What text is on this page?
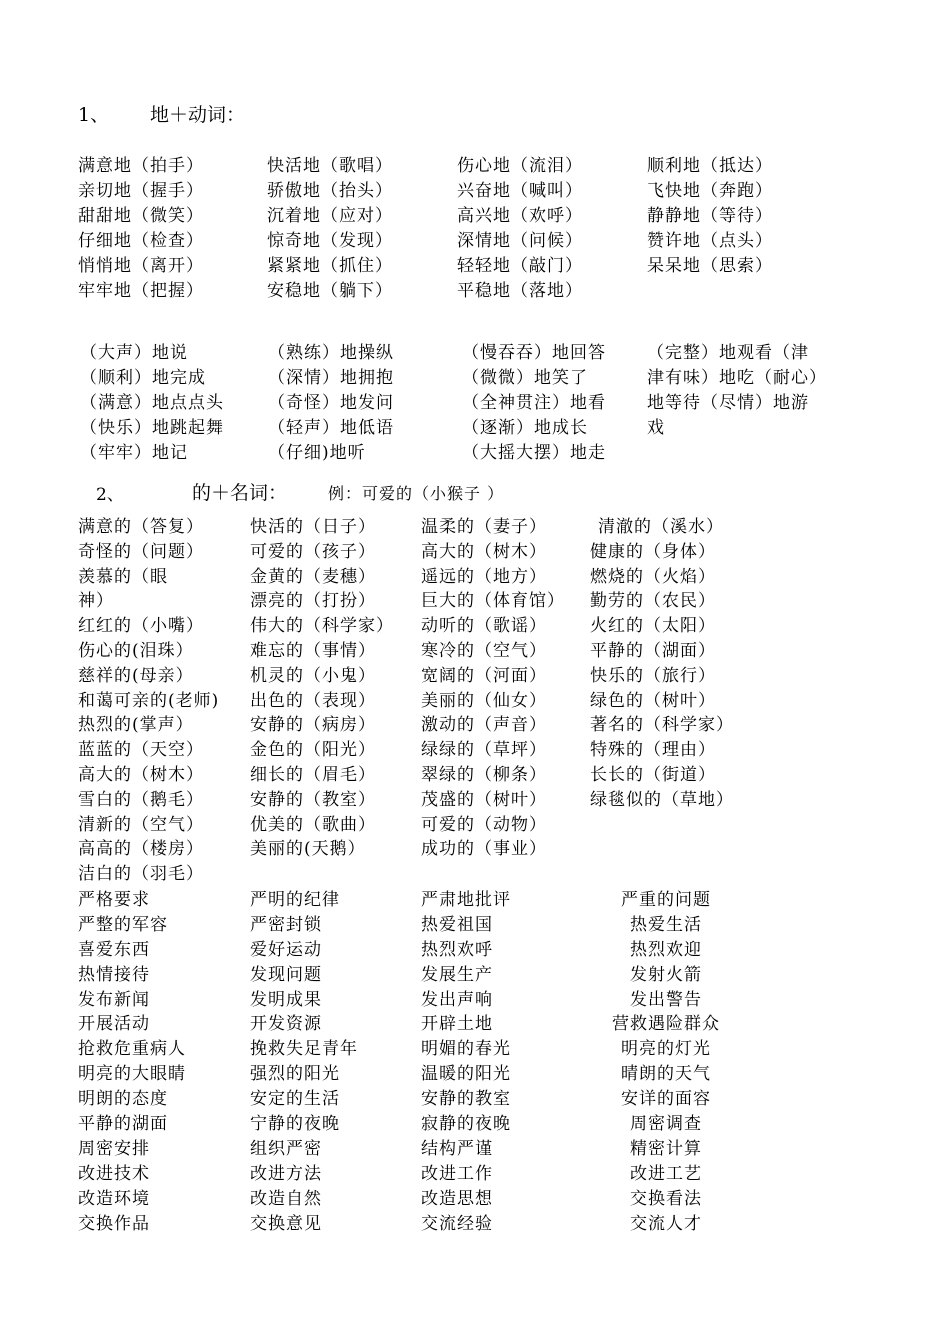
1、 地＋动词：
满意地（拍手）
亲切地（握手）
甜甜地（微笑）
仔细地（检查）
悄悄地（离开）
牢牢地（把握）
快活地（歌唱）
骄傲地（抬头）
沉着地（应对）
惊奇地（发现）
紧紧地（抓住）
安稳地（躺下）
伤心地（流泪）
兴奋地（喊叫）
高兴地（欢呼）
深情地（问候）
轻轻地（敲门）
平稳地（落地）
顺利地（抵达）
飞快地（奔跑）
静静地（等待）
赞许地（点头）
呆呆地（思索）
（大声）地说
（顺利）地完成
（满意）地点点头
（快乐）地跳起舞
（牢牢）地记
（熟练）地操纵
（深情）地拥抱
（奇怪）地发问
（轻声）地低语
（仔细)地听
（慢吞吞）地回答
（微微）地笑了
（全神贯注）地看
（逐渐）地成长
（大摇大摆）地走
（完整）地观看（津
津有味）地吃（耐心）
地等待（尽情）地游
戏
2、	的＋名词：	例：可爱的（小猴子 ）
满意的（答复）
奇怪的（问题）
羡慕的（眼
神）
红红的（小嘴）
伤心的(泪珠）
慈祥的(母亲）
和蔼可亲的(老师)
热烈的(掌声）
蓝蓝的（天空）
高大的（树木）
雪白的（鹅毛）
清新的（空气）
高高的（楼房）
洁白的（羽毛）
快活的（日子）
可爱的（孩子）
金黄的（麦穗）
漂亮的（打扮）
伟大的（科学家）
难忘的（事情）
机灵的（小鬼）
出色的（表现）
安静的（病房）
金色的（阳光）
细长的（眉毛）
安静的（教室）
优美的（歌曲）
美丽的(天鹅）
温柔的（妻子）
高大的（树木）
遥远的（地方）
巨大的（体育馆）
动听的（歌谣）
寒冷的（空气）
宽阔的（河面）
美丽的（仙女）
激动的（声音）
绿绿的（草坪）
翠绿的（柳条）
茂盛的（树叶）
可爱的（动物）
成功的（事业）
清澈的（溪水）
健康的（身体）
燃烧的（火焰）
勤劳的（农民）
火红的（太阳）
平静的（湖面）
快乐的（旅行）
绿色的（树叶）
著名的（科学家）
特殊的（理由）
长长的（街道）
绿毯似的（草地）
严格要求
严整的军容
喜爱东西
热情接待
发布新闻
开展活动
抢救危重病人
明亮的大眼睛
明朗的态度
平静的湖面
周密安排
改进技术
改造环境
交换作品
严明的纪律
严密封锁
爱好运动
发现问题
发明成果
开发资源
挽救失足青年
强烈的阳光
安定的生活
宁静的夜晚
组织严密
改进方法
改造自然
交换意见
严肃地批评
热爱祖国
热烈欢呼
发展生产
发出声响
开辟土地
明媚的春光
温暖的阳光
安静的教室
寂静的夜晚
结构严谨
改进工作
改造思想
交流经验
严重的问题
热爱生活
热烈欢迎
发射火箭
发出警告
营救遇险群众
明亮的灯光
晴朗的天气
安详的面容
周密调查
精密计算
改进工艺
交换看法
交流人才
